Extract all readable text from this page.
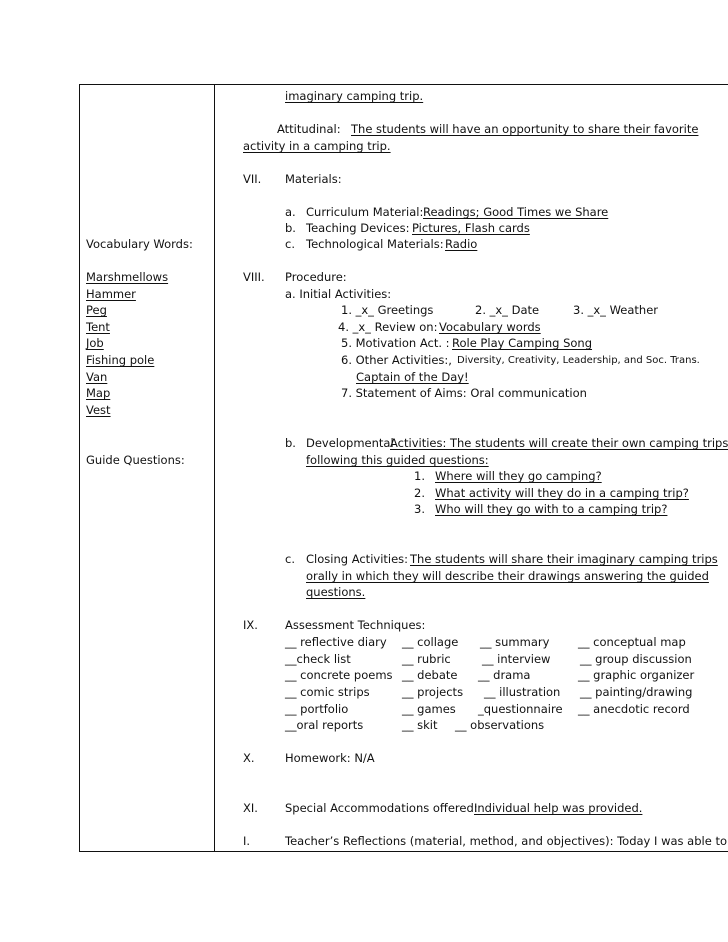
Vocabulary Words:
Marshmellows
Hammer
Peg
Tent
Job
Fishing pole
Van
Map
Vest
Guide Questions:
imaginary camping trip.
Attitudinal: The students will have an opportunity to share their favorite
activity in a camping trip.
VII. Materials:
a. Curriculum Material: Readings; Good Times we Share
b. Teaching Devices: Pictures, Flash cards
c. Technological Materials: Radio
VIII. Procedure:
a. Initial Activities:
1. _x_ Greetings	2. _x_ Date	3. _x_ Weather
4. _x_ Review on: Vocabulary words
5. Motivation Act. : Role Play Camping Song
6. Other Activities:, Diversity, Creativity, Leadership, and Soc. Trans.
Captain of the Day!
7. Statement of Aims: Oral communication
b. Developmental
Activities: The students will create their own camping trips
following this guided questions:
1. Where will they go camping?
2. What activity will they do in a camping trip?
3. Who will they go with to a camping trip?
c. Closing Activities: The students will share their imaginary camping trips
orally in which they will describe their drawings answering the guided
questions.
IX. Assessment Techniques:
__ reflective diary __ collage __ summary __ conceptual map
__check list	__ rubric	__ interview	__ group discussion
__ concrete poems __ debate __ drama	__ graphic organizer
__ comic strips	__ projects __ illustration __ painting/drawing
__ portfolio	__ games _questionnaire __ anecdotic record
__oral reports	__ skit __ observations
X.	Homework: N/A
XI. Special Accommodations offered:
Individual help was provided.
I.	Teacher’s Reflections (material, method, and objectives): Today I was able to
